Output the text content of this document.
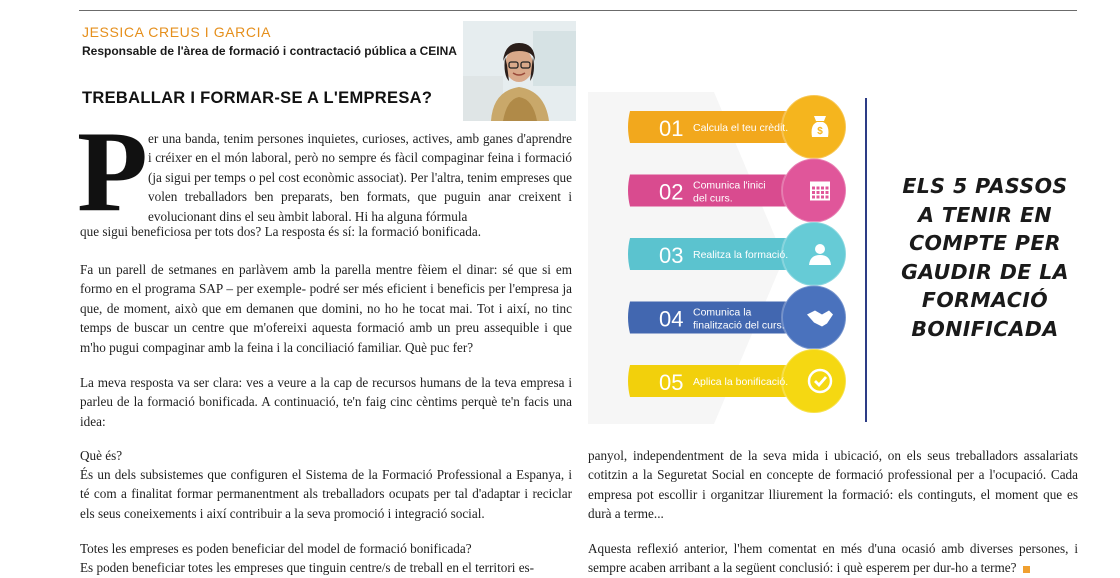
JESSICA CREUS I GARCIA
Responsable de l'àrea de formació i contractació pública a CEINA
TREBALLAR I FORMAR-SE A L'EMPRESA?
P er una banda, tenim persones inquietes, curioses, actives, amb ganes d'aprendre i créixer en el món laboral, però no sempre és fàcil compaginar feina i formació (ja sigui per temps o pel cost econòmic associat). Per l'altra, tenim empreses que volen treballadors ben preparats, ben formats, que puguin anar creixent i evolucionant dins el seu àmbit laboral. Hi ha alguna fórmula
que sigui beneficiosa per tots dos? La resposta és sí: la formació bonificada.
Fa un parell de setmanes en parlàvem amb la parella mentre fèiem el dinar: sé que si em formo en el programa SAP – per exemple- podré ser més eficient i beneficis per l'empresa ja que, de moment, això que em demanen que domini, no ho he tocat mai. Tot i així, no tinc temps de buscar un centre que m'ofereixi aquesta formació amb un preu assequible i que m'ho pugui compaginar amb la feina i la conciliació familiar. Què puc fer?
La meva resposta va ser clara: ves a veure a la cap de recursos humans de la teva empresa i parleu de la formació bonificada. A continuació, te'n faig cinc cèntims perquè te'n facis una idea:
Què és?
És un dels subsistemes que configuren el Sistema de la Formació Professional a Espanya, i té com a finalitat formar permanentment als treballadors ocupats per tal d'adaptar i reciclar els seus coneixements i així contribuir a la seva promoció i integració social.
Totes les empreses es poden beneficiar del model de formació bonificada?
Es poden beneficiar totes les empreses que tinguin centre/s de treball en el territori es-
panyol, independentment de la seva mida i ubicació, on els seus treballadors assalariats cotitzin a la Seguretat Social en concepte de formació professional per a l'ocupació. Cada empresa pot escollir i organitzar lliurement la formació: els continguts, el moment que es durà a terme...
Aquesta reflexió anterior, l'hem comentat en més d'una ocasió amb diverses persones, i sempre acaben arribant a la següent conclusió: i què esperem per dur-ho a terme?
01 Calcula el teu crèdit.	$
02 Comunica l'inici
del curs.
03 Realitza la formació.
04 Comunica la
finalització del curs.
05 Aplica la bonificació.
ELS 5 PASSOS
A TENIR EN
COMPTE PER
GAUDIR DE LA
FORMACIÓ
BONIFICADA
